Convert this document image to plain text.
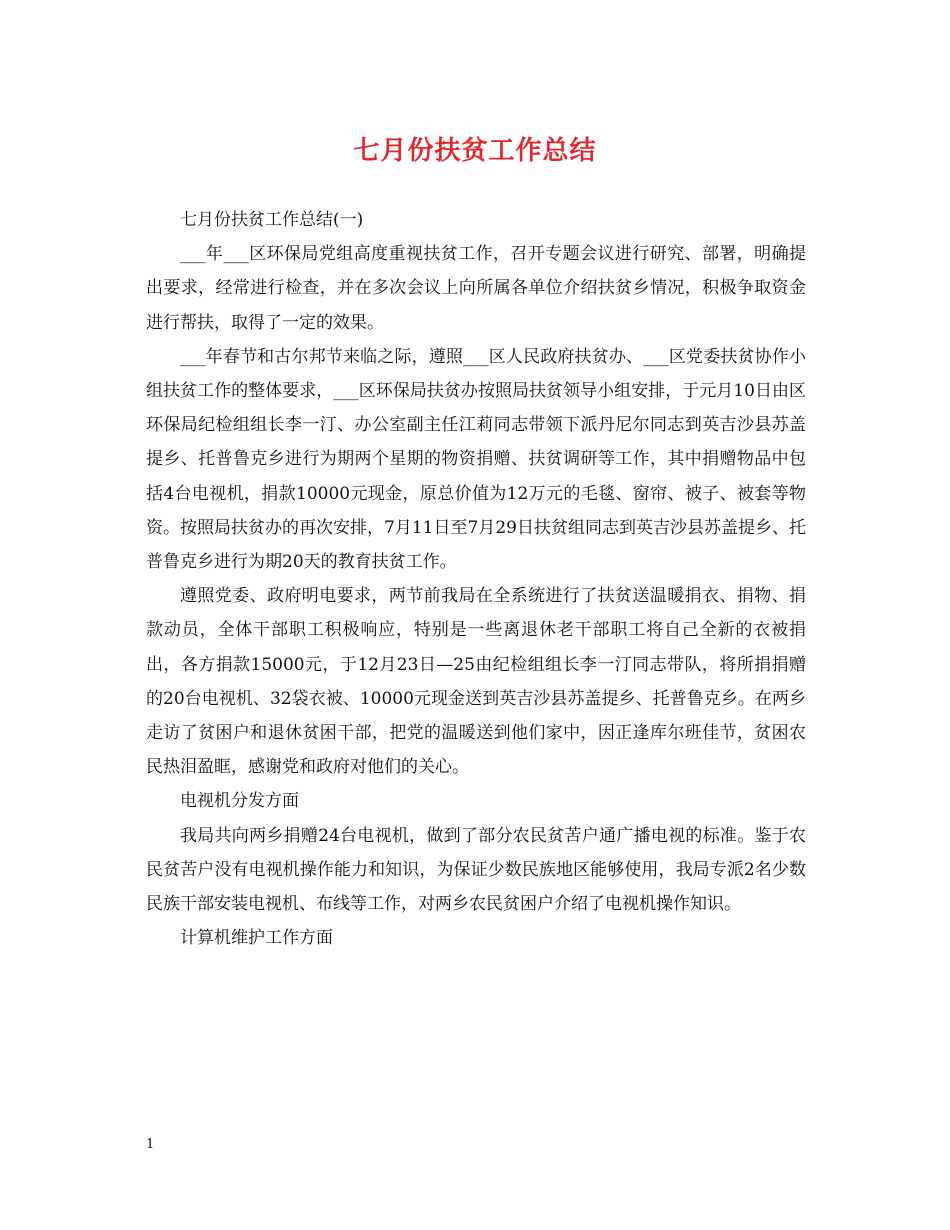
七月份扶贫工作总结

七月份扶贫工作总结(一)

___年___区环保局党组高度重视扶贫工作，召开专题会议进行研究、部署，明确提出要求，经常进行检查，并在多次会议上向所属各单位介绍扶贫乡情况，积极争取资金进行帮扶，取得了一定的效果。

___年春节和古尔邦节来临之际，遵照___区人民政府扶贫办、___区党委扶贫协作小组扶贫工作的整体要求，___区环保局扶贫办按照局扶贫领导小组安排，于元月10日由区环保局纪检组组长李一汀、办公室副主任江莉同志带领下派丹尼尔同志到英吉沙县苏盖提乡、托普鲁克乡进行为期两个星期的物资捐赠、扶贫调研等工作，其中捐赠物品中包括4台电视机，捐款10000元现金，原总价值为12万元的毛毯、窗帘、被子、被套等物资。按照局扶贫办的再次安排，7月11日至7月29日扶贫组同志到英吉沙县苏盖提乡、托普鲁克乡进行为期20天的教育扶贫工作。

遵照党委、政府明电要求，两节前我局在全系统进行了扶贫送温暖捐衣、捐物、捐款动员，全体干部职工积极响应，特别是一些离退休老干部职工将自己全新的衣被捐出，各方捐款15000元，于12月23日—25由纪检组组长李一汀同志带队，将所捐捐赠的20台电视机、32袋衣被、10000元现金送到英吉沙县苏盖提乡、托普鲁克乡。在两乡走访了贫困户和退休贫困干部，把党的温暖送到他们家中，因正逢库尔班佳节，贫困农民热泪盈眶，感谢党和政府对他们的关心。

电视机分发方面

我局共向两乡捐赠24台电视机，做到了部分农民贫苦户通广播电视的标准。鉴于农民贫苦户没有电视机操作能力和知识，为保证少数民族地区能够使用，我局专派2名少数民族干部安装电视机、布线等工作，对两乡农民贫困户介绍了电视机操作知识。

计算机维护工作方面

1
